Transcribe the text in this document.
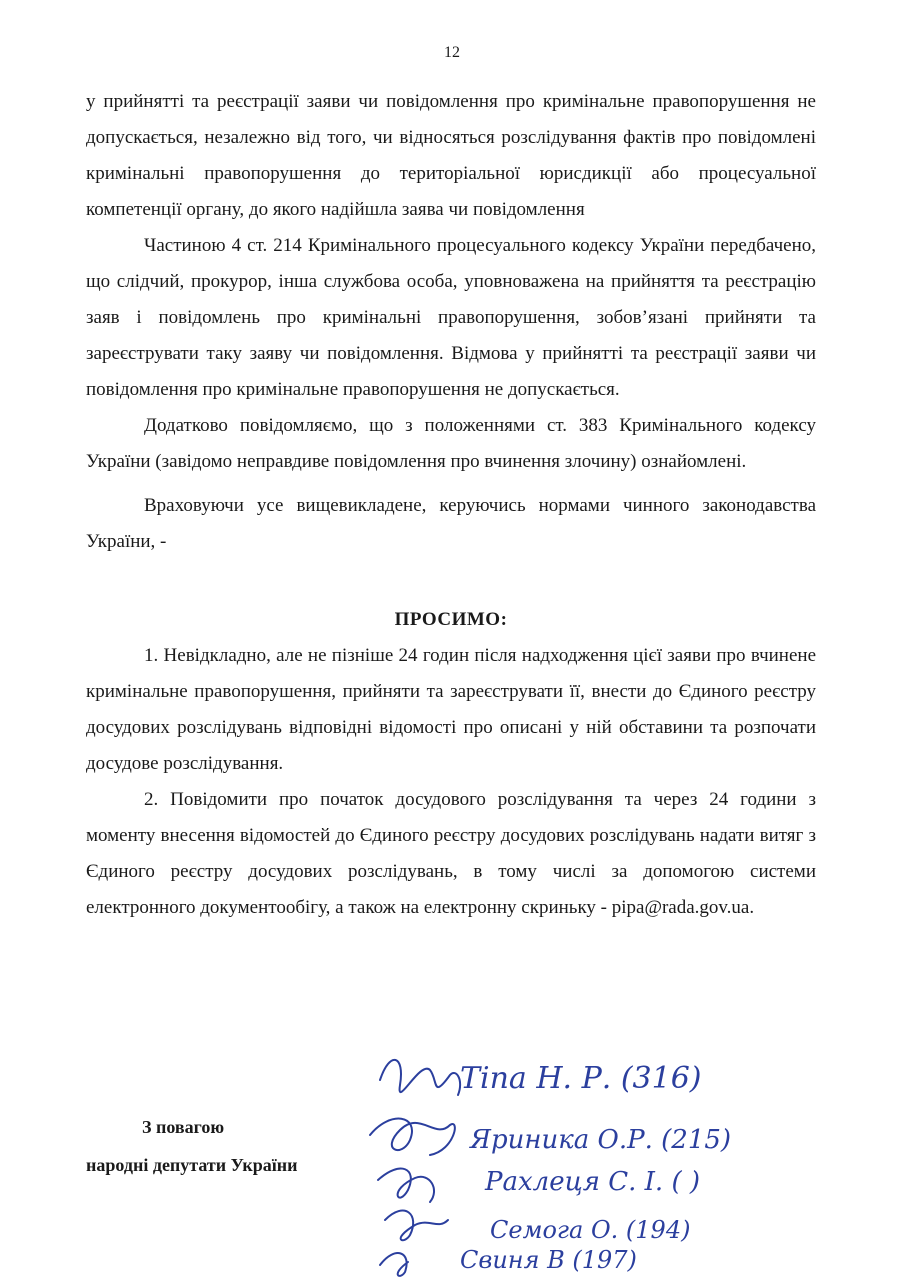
12

у прийнятті та реєстрації заяви чи повідомлення про кримінальне правопорушення не допускається, незалежно від того, чи відносяться розслідування фактів про повідомлені кримінальні правопорушення до територіальної юрисдикції або процесуальної компетенції органу, до якого надійшла заява чи повідомлення

Частиною 4 ст. 214 Кримінального процесуального кодексу України передбачено, що слідчий, прокурор, інша службова особа, уповноважена на прийняття та реєстрацію заяв і повідомлень про кримінальні правопорушення, зобов’язані прийняти та зареєструвати таку заяву чи повідомлення. Відмова у прийнятті та реєстрації заяви чи повідомлення про кримінальне правопорушення не допускається.

Додатково повідомляємо, що з положеннями ст. 383 Кримінального кодексу України (завідомо неправдиве повідомлення про вчинення злочину) ознайомлені.

Враховуючи усе вищевикладене, керуючись нормами чинного законодавства України, -

ПРОСИМО:

1. Невідкладно, але не пізніше 24 годин після надходження цієї заяви про вчинене кримінальне правопорушення, прийняти та зареєструвати її, внести до Єдиного реєстру досудових розслідувань відповідні відомості про описані у ній обставини та розпочати досудове розслідування.

2. Повідомити про початок досудового розслідування та через 24 години з моменту внесення відомостей до Єдиного реєстру досудових розслідувань надати витяг з Єдиного реєстру досудових розслідувань, в тому числі за допомогою системи електронного документообігу, а також на електронну скриньку - pipa@rada.gov.ua.

З повагою
народні депутати України
Тіпа Н. Р. (316)
Яриника О.Р. (215)
Рахлеця С. І. ( )
Семога О. (194)
Свиня В (197)
